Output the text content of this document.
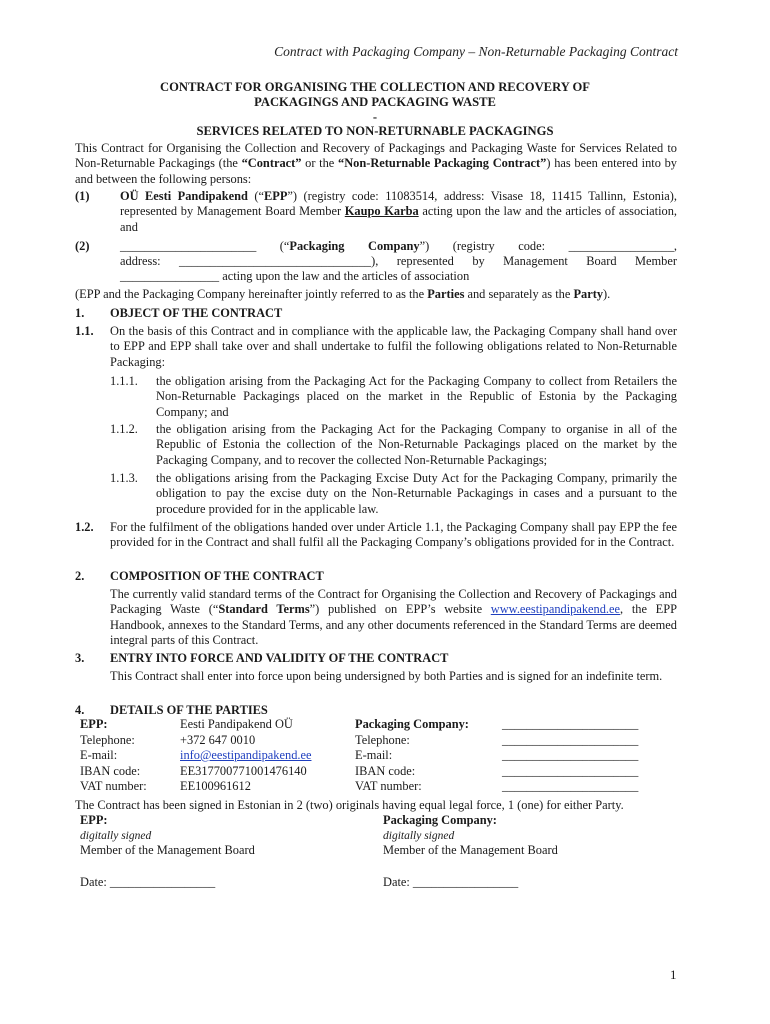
Contract with Packaging Company – Non-Returnable Packaging Contract
CONTRACT FOR ORGANISING THE COLLECTION AND RECOVERY OF
PACKAGINGS AND PACKAGING WASTE
-
SERVICES RELATED TO NON-RETURNABLE PACKAGINGS
This Contract for Organising the Collection and Recovery of Packagings and Packaging Waste for Services Related to Non-Returnable Packagings (the “Contract” or the “Non-Returnable Packaging Contract”) has been entered into by and between the following persons:
(1) OÜ Eesti Pandipakend (“EPP”) (registry code: 11083514, address: Visase 18, 11415 Tallinn, Estonia), represented by Management Board Member Kaupo Karba acting upon the law and the articles of association, and
(2) ______________________ (“Packaging Company”) (registry code: _________________,
address: _______________________________), represented by Management Board Member
________________ acting upon the law and the articles of association
(EPP and the Packaging Company hereinafter jointly referred to as the Parties and separately as the Party).
1. OBJECT OF THE CONTRACT
1.1. On the basis of this Contract and in compliance with the applicable law, the Packaging Company shall hand over to EPP and EPP shall take over and shall undertake to fulfil the following obligations related to Non-Returnable Packaging:
1.1.1. the obligation arising from the Packaging Act for the Packaging Company to collect from Retailers the Non-Returnable Packagings placed on the market in the Republic of Estonia by the Packaging Company; and
1.1.2. the obligation arising from the Packaging Act for the Packaging Company to organise in all of the Republic of Estonia the collection of the Non-Returnable Packagings placed on the market by the Packaging Company, and to recover the collected Non-Returnable Packagings;
1.1.3. the obligations arising from the Packaging Excise Duty Act for the Packaging Company, primarily the obligation to pay the excise duty on the Non-Returnable Packagings in cases and a pursuant to the procedure provided for in the applicable law.
1.2. For the fulfilment of the obligations handed over under Article 1.1, the Packaging Company shall pay EPP the fee provided for in the Contract and shall fulfil all the Packaging Company’s obligations provided for in the Contract.
2. COMPOSITION OF THE CONTRACT
The currently valid standard terms of the Contract for Organising the Collection and Recovery of Packagings and Packaging Waste (“Standard Terms”) published on EPP’s website www.eestipandipakend.ee, the EPP Handbook, annexes to the Standard Terms, and any other documents referenced in the Standard Terms are deemed integral parts of this Contract.
3. ENTRY INTO FORCE AND VALIDITY OF THE CONTRACT
This Contract shall enter into force upon being undersigned by both Parties and is signed for an indefinite term.
4. DETAILS OF THE PARTIES
EPP:	Eesti Pandipakend OÜ
Telephone:	+372 647 0010
E-mail:	info@eestipandipakend.ee
IBAN code:	EE317700771001476140
VAT number:	EE100961612
Packaging Company:	______________________
Telephone:	______________________
E-mail:	______________________
IBAN code:	______________________
VAT number:	______________________
The Contract has been signed in Estonian in 2 (two) originals having equal legal force, 1 (one) for either Party.
EPP:
digitally signed
Member of the Management Board
Date: _________________
Packaging Company:
digitally signed
Member of the Management Board
Date: _________________
1
